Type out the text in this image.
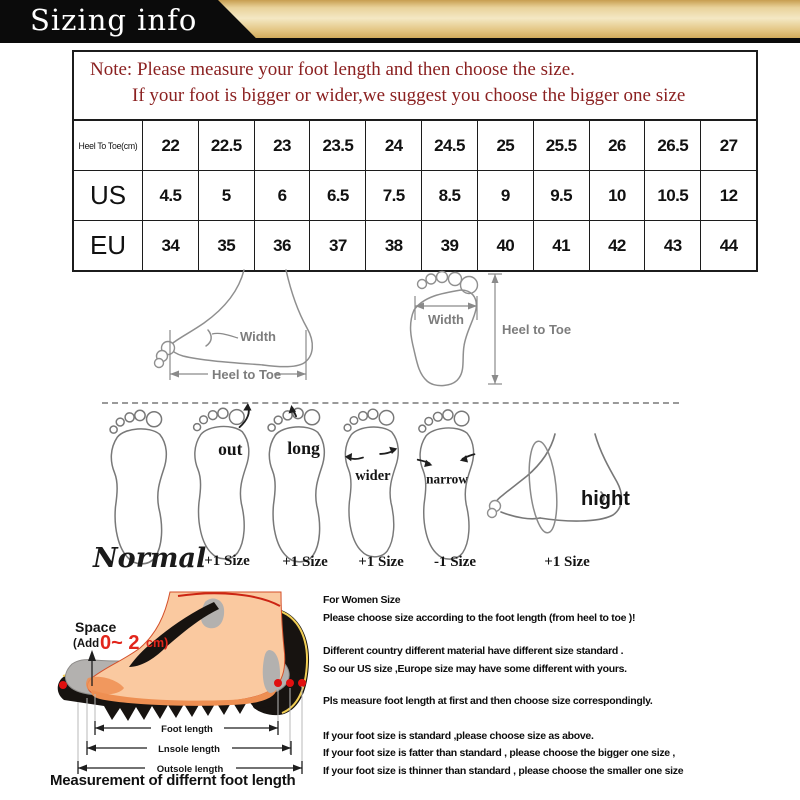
Sizing info
Note: Please measure your foot length and then choose the size.
If your foot is bigger or wider,we suggest you choose the bigger one size
Heel To Toe(cm)	22	22.5	23	23.5	24	24.5	25	25.5	26	26.5	27
US	4.5	5	6	6.5	7.5	8.5	9	9.5	10	10.5	12
EU	34	35	36	37	38	39	40	41	42	43	44
Width
Heel to Toe
Width
Heel to Toe
out long
wider narrow
hight
Normal
+1 Size	+1 Size	+1 Size	-1 Size	+1 Size
Space
(Add 0~ 2 cm)
Foot length
Lnsole length
Outsole length

For Women Size

Please choose size according to the foot length (from heel to toe )!

Different country different material have different size standard .

So our US size ,Europe size may have some different with yours.

Pls measure foot length at first and then choose size correspondingly.

If your foot size is standard ,please choose size as above.

If your foot size is fatter than standard , please choose the bigger one size ,

If your foot size is thinner than standard , please choose the smaller one size

Measurement of differnt foot length
